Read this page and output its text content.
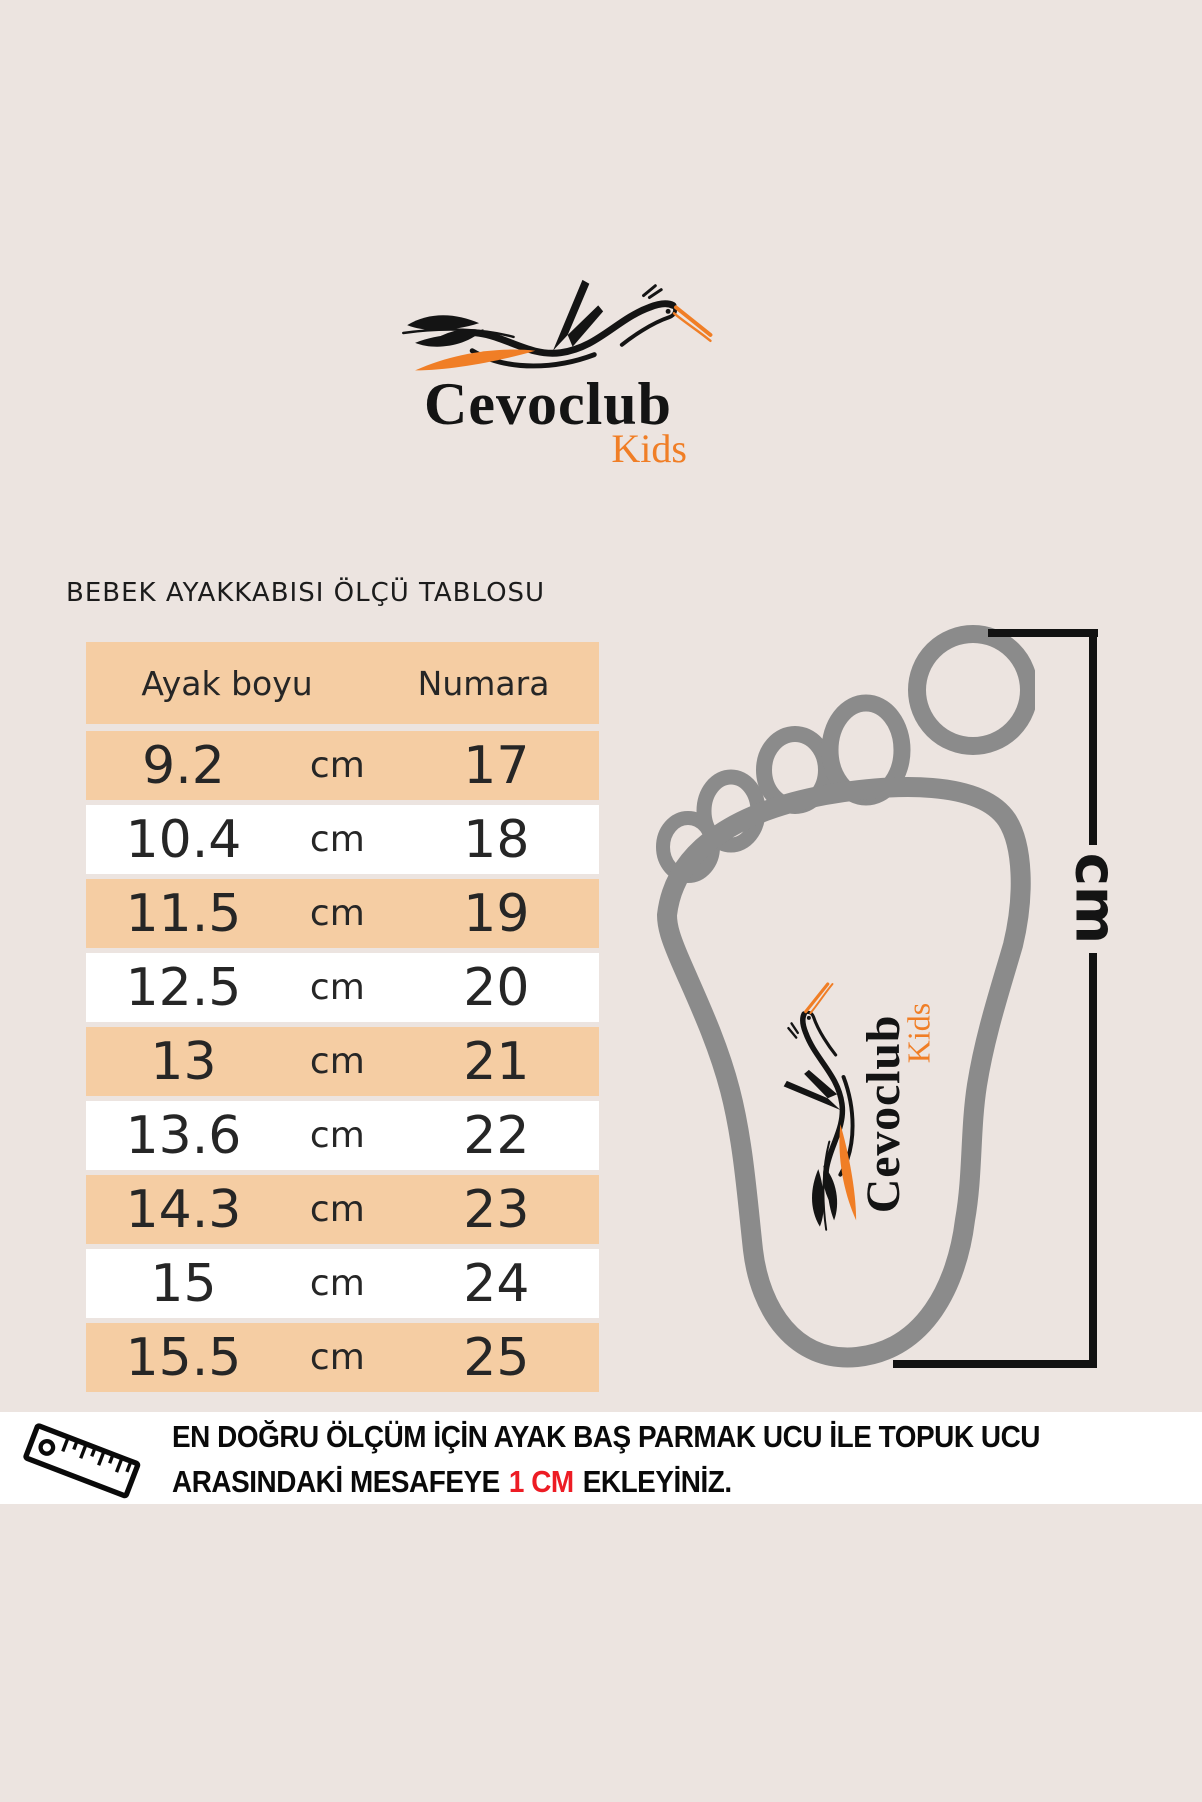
Cevoclub
Kids
BEBEK AYAKKABISI ÖLÇÜ TABLOSU
Ayak boyu	Numara
9.2	cm	17
10.4	cm	18
11.5	cm	19
12.5	cm	20
13	cm	21
13.6	cm	22
14.3	cm	23
15	cm	24
15.5	cm	25
Cevoclub
Kids
cm
EN DOĞRU ÖLÇÜM İÇİN AYAK BAŞ PARMAK UCU İLE TOPUK UCU
ARASINDAKİ MESAFEYE 1 CM EKLEYİNİZ.
